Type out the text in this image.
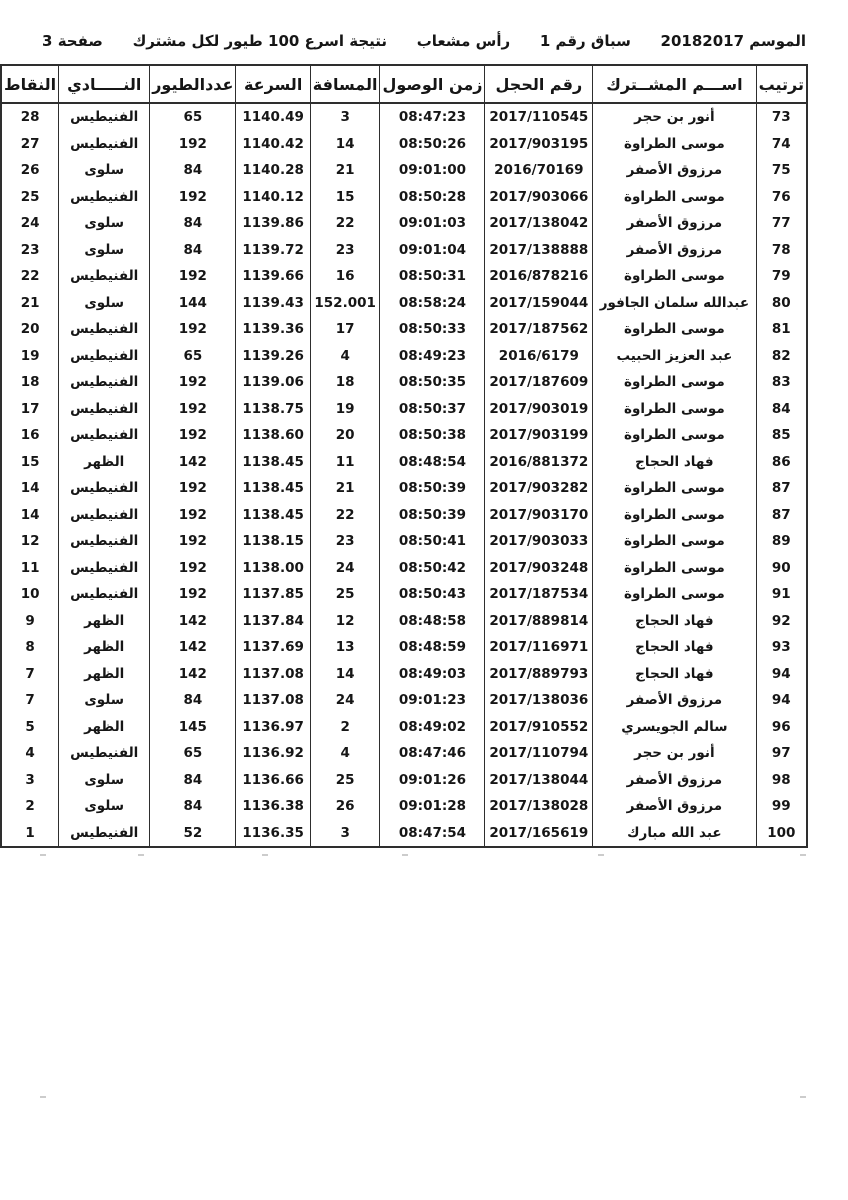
الموسم 20182017
سباق رقم 1
رأس مشعاب
نتيجة اسرع 100 طيور لكل مشترك
صفحة 3
ترتيب	اســـم المشــترك	رقم الحجل	زمن الوصول	المسافة	السرعة	عددالطيور	النـــــادي	النقاط
73	أنور بن حجر	2017/110545	08:47:23	3	1140.49	65	الفنيطيس	28
74	موسى الطراوة	2017/903195	08:50:26	14	1140.42	192	الفنيطيس	27
75	مرزوق الأصفر	2016/70169	09:01:00	21	1140.28	84	سلوى	26
76	موسى الطراوة	2017/903066	08:50:28	15	1140.12	192	الفنيطيس	25
77	مرزوق الأصفر	2017/138042	09:01:03	22	1139.86	84	سلوى	24
78	مرزوق الأصفر	2017/138888	09:01:04	23	1139.72	84	سلوى	23
79	موسى الطراوة	2016/878216	08:50:31	16	1139.66	192	الفنيطيس	22
80	عبدالله سلمان الجافور	2017/159044	08:58:24	152.001	1139.43	144	سلوى	21
81	موسى الطراوة	2017/187562	08:50:33	17	1139.36	192	الفنيطيس	20
82	عبد العزيز الحبيب	2016/6179	08:49:23	4	1139.26	65	الفنيطيس	19
83	موسى الطراوة	2017/187609	08:50:35	18	1139.06	192	الفنيطيس	18
84	موسى الطراوة	2017/903019	08:50:37	19	1138.75	192	الفنيطيس	17
85	موسى الطراوة	2017/903199	08:50:38	20	1138.60	192	الفنيطيس	16
86	فهاد الحجاج	2016/881372	08:48:54	11	1138.45	142	الظهر	15
87	موسى الطراوة	2017/903282	08:50:39	21	1138.45	192	الفنيطيس	14
87	موسى الطراوة	2017/903170	08:50:39	22	1138.45	192	الفنيطيس	14
89	موسى الطراوة	2017/903033	08:50:41	23	1138.15	192	الفنيطيس	12
90	موسى الطراوة	2017/903248	08:50:42	24	1138.00	192	الفنيطيس	11
91	موسى الطراوة	2017/187534	08:50:43	25	1137.85	192	الفنيطيس	10
92	فهاد الحجاج	2017/889814	08:48:58	12	1137.84	142	الظهر	9
93	فهاد الحجاج	2017/116971	08:48:59	13	1137.69	142	الظهر	8
94	فهاد الحجاج	2017/889793	08:49:03	14	1137.08	142	الظهر	7
94	مرزوق الأصفر	2017/138036	09:01:23	24	1137.08	84	سلوى	7
96	سالم الجويسري	2017/910552	08:49:02	2	1136.97	145	الظهر	5
97	أنور بن حجر	2017/110794	08:47:46	4	1136.92	65	الفنيطيس	4
98	مرزوق الأصفر	2017/138044	09:01:26	25	1136.66	84	سلوى	3
99	مرزوق الأصفر	2017/138028	09:01:28	26	1136.38	84	سلوى	2
100	عبد الله مبارك	2017/165619	08:47:54	3	1136.35	52	الفنيطيس	1
